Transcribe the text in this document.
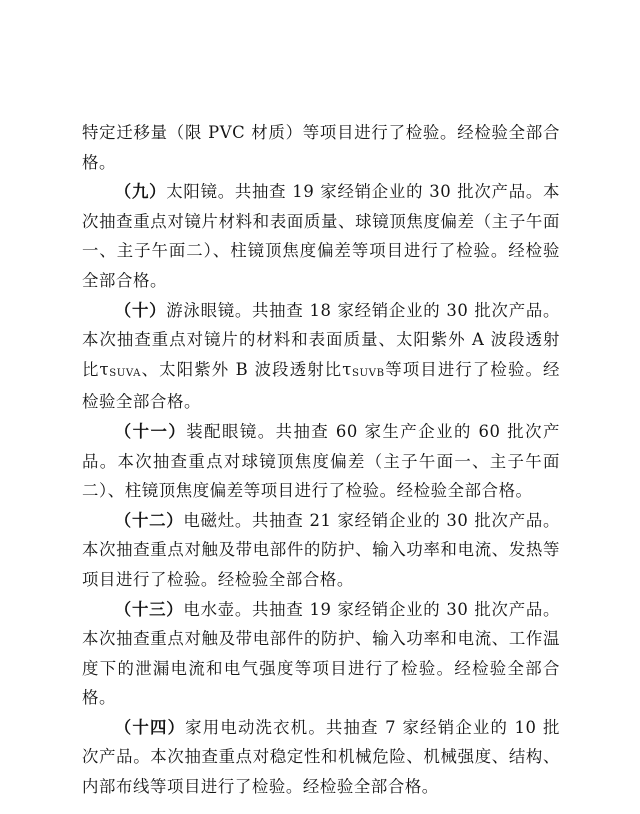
特定迁移量（限 PVC 材质）等项目进行了检验。经检验全部合格。

（九）太阳镜。共抽查 19 家经销企业的 30 批次产品。本次抽查重点对镜片材料和表面质量、球镜顶焦度偏差（主子午面一、主子午面二）、柱镜顶焦度偏差等项目进行了检验。经检验全部合格。

（十）游泳眼镜。共抽查 18 家经销企业的 30 批次产品。本次抽查重点对镜片的材料和表面质量、太阳紫外 A 波段透射比τSUVA、太阳紫外 B 波段透射比τSUVB等项目进行了检验。经检验全部合格。

（十一）装配眼镜。共抽查 60 家生产企业的 60 批次产品。本次抽查重点对球镜顶焦度偏差（主子午面一、主子午面二）、柱镜顶焦度偏差等项目进行了检验。经检验全部合格。

（十二）电磁灶。共抽查 21 家经销企业的 30 批次产品。本次抽查重点对触及带电部件的防护、输入功率和电流、发热等项目进行了检验。经检验全部合格。

（十三）电水壶。共抽查 19 家经销企业的 30 批次产品。本次抽查重点对触及带电部件的防护、输入功率和电流、工作温度下的泄漏电流和电气强度等项目进行了检验。经检验全部合格。

（十四）家用电动洗衣机。共抽查 7 家经销企业的 10 批次产品。本次抽查重点对稳定性和机械危险、机械强度、结构、内部布线等项目进行了检验。经检验全部合格。
